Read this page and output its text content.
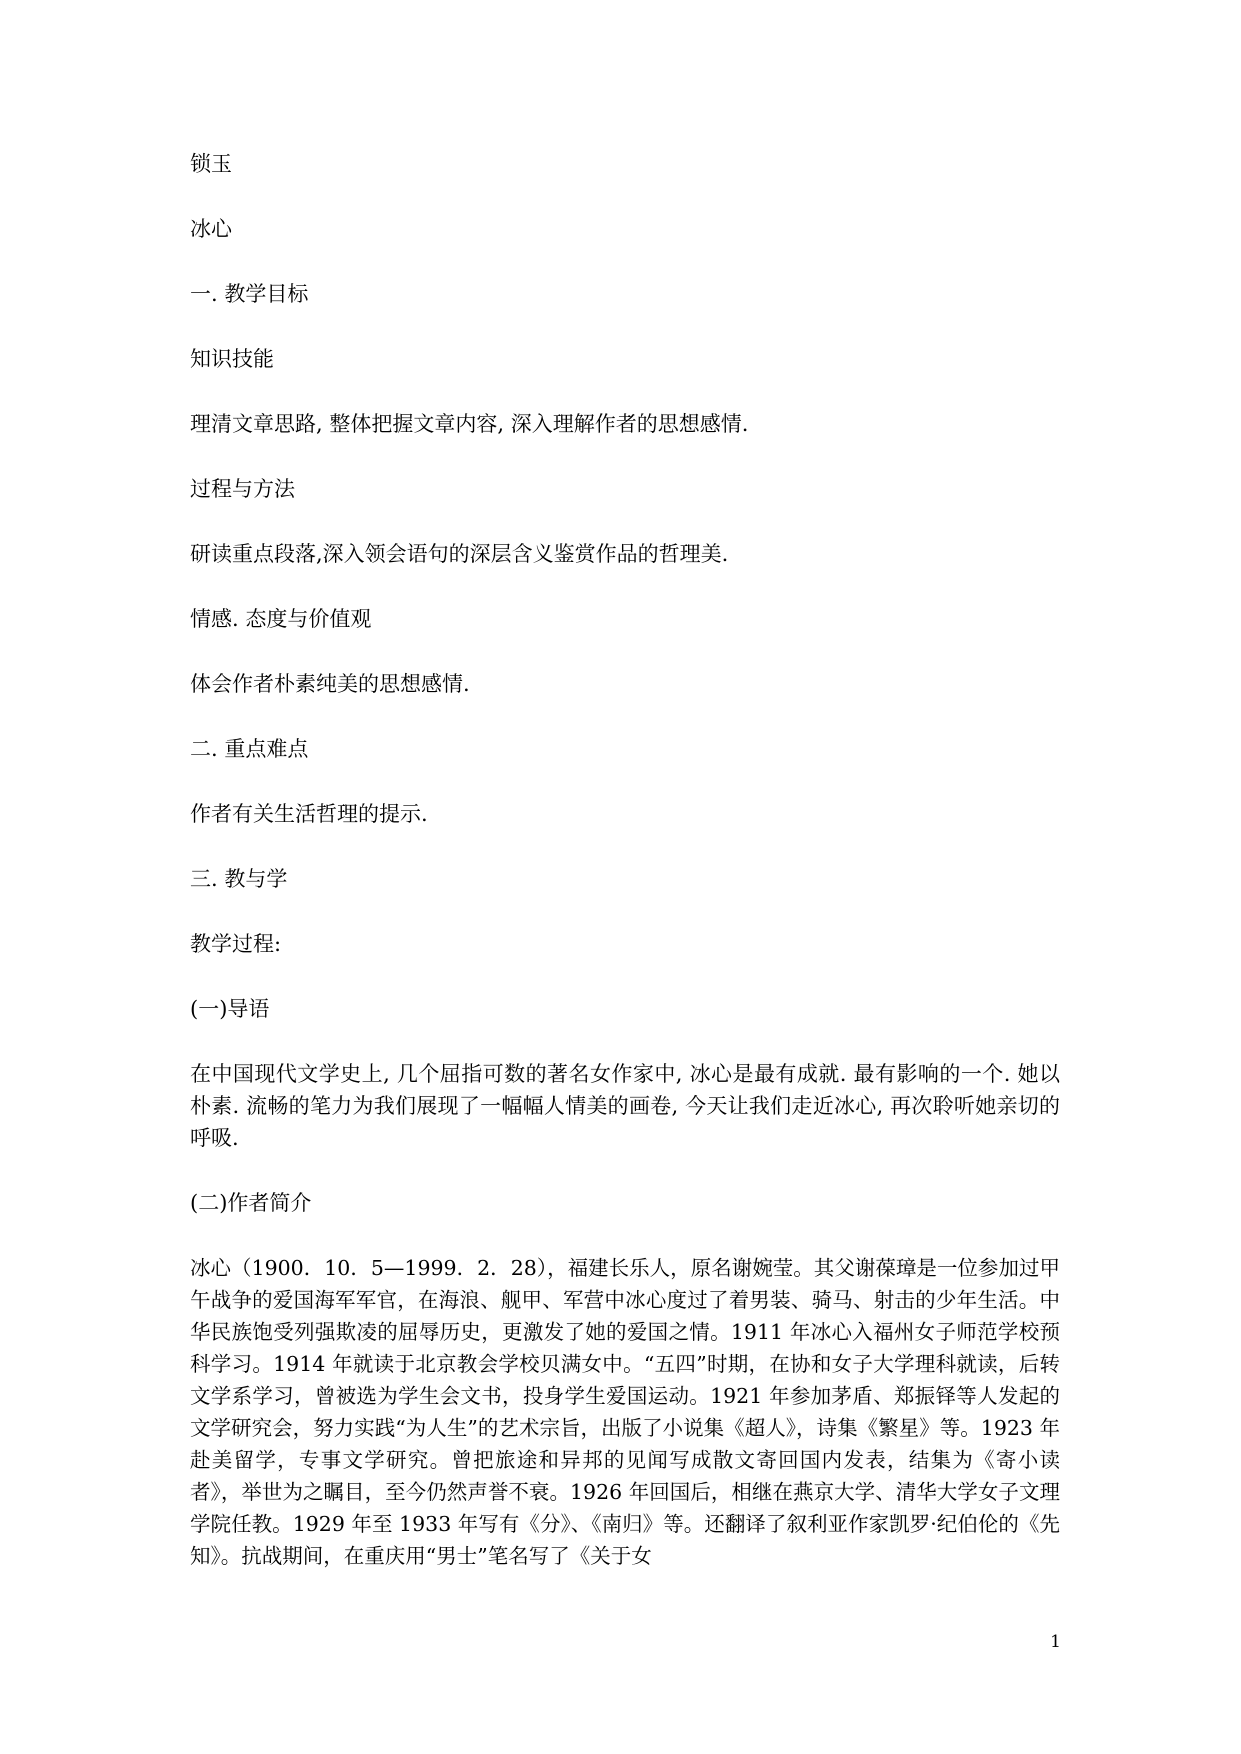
锁玉

冰心

一. 教学目标

知识技能

理清文章思路, 整体把握文章内容, 深入理解作者的思想感情.

过程与方法

研读重点段落,深入领会语句的深层含义鉴赏作品的哲理美.

情感. 态度与价值观

体会作者朴素纯美的思想感情.

二. 重点难点

作者有关生活哲理的提示.

三. 教与学

教学过程:

(一)导语

在中国现代文学史上, 几个屈指可数的著名女作家中, 冰心是最有成就. 最有影响的一个. 她以朴素. 流畅的笔力为我们展现了一幅幅人情美的画卷, 今天让我们走近冰心, 再次聆听她亲切的呼吸.

(二)作者简介

冰心（1900．10．5—1999．2．28），福建长乐人，原名谢婉莹。其父谢葆璋是一位参加过甲午战争的爱国海军军官，在海浪、舰甲、军营中冰心度过了着男装、骑马、射击的少年生活。中华民族饱受列强欺凌的屈辱历史，更激发了她的爱国之情。1911 年冰心入福州女子师范学校预科学习。1914 年就读于北京教会学校贝满女中。“五四”时期，在协和女子大学理科就读，后转文学系学习，曾被选为学生会文书，投身学生爱国运动。1921 年参加茅盾、郑振铎等人发起的文学研究会，努力实践“为人生”的艺术宗旨，出版了小说集《超人》，诗集《繁星》等。1923 年赴美留学，专事文学研究。曾把旅途和异邦的见闻写成散文寄回国内发表，结集为《寄小读者》，举世为之瞩目，至今仍然声誉不衰。1926 年回国后，相继在燕京大学、清华大学女子文理学院任教。1929 年至 1933 年写有《分》、《南归》等。还翻译了叙利亚作家凯罗·纪伯伦的《先知》。抗战期间，在重庆用“男士”笔名写了《关于女

1
